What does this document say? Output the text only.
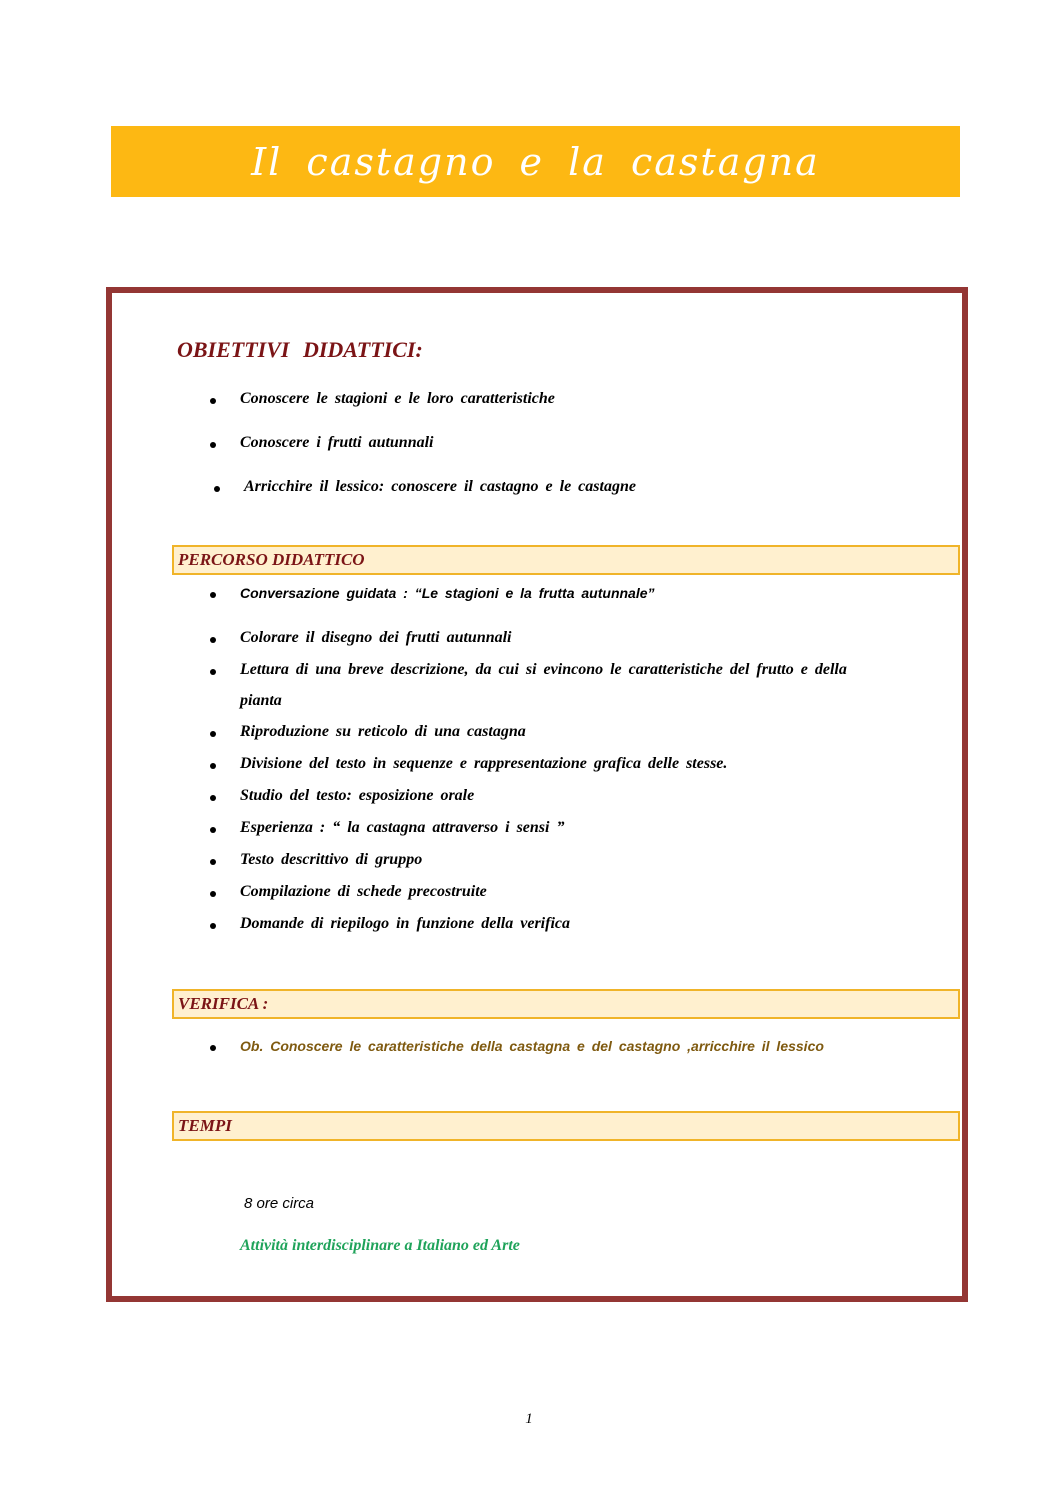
Il castagno e la castagna
OBIETTIVI DIDATTICI:
Conoscere le stagioni e le loro caratteristiche
Conoscere i frutti autunnali
Arricchire il lessico: conoscere il castagno e le castagne
PERCORSO DIDATTICO
Conversazione guidata : “Le stagioni e la frutta autunnale”
Colorare il disegno dei frutti autunnali
Lettura di una breve descrizione, da cui si evincono le caratteristiche del frutto e della
pianta
Riproduzione su reticolo di una castagna
Divisione del testo in sequenze e rappresentazione grafica delle stesse.
Studio del testo: esposizione orale
Esperienza : “ la castagna attraverso i sensi ”
Testo descrittivo di gruppo
Compilazione di schede precostruite
Domande di riepilogo in funzione della verifica
VERIFICA :
Ob. Conoscere le caratteristiche della castagna e del castagno ,arricchire il lessico
TEMPI
8 ore circa
Attività interdisciplinare a Italiano ed Arte
1
